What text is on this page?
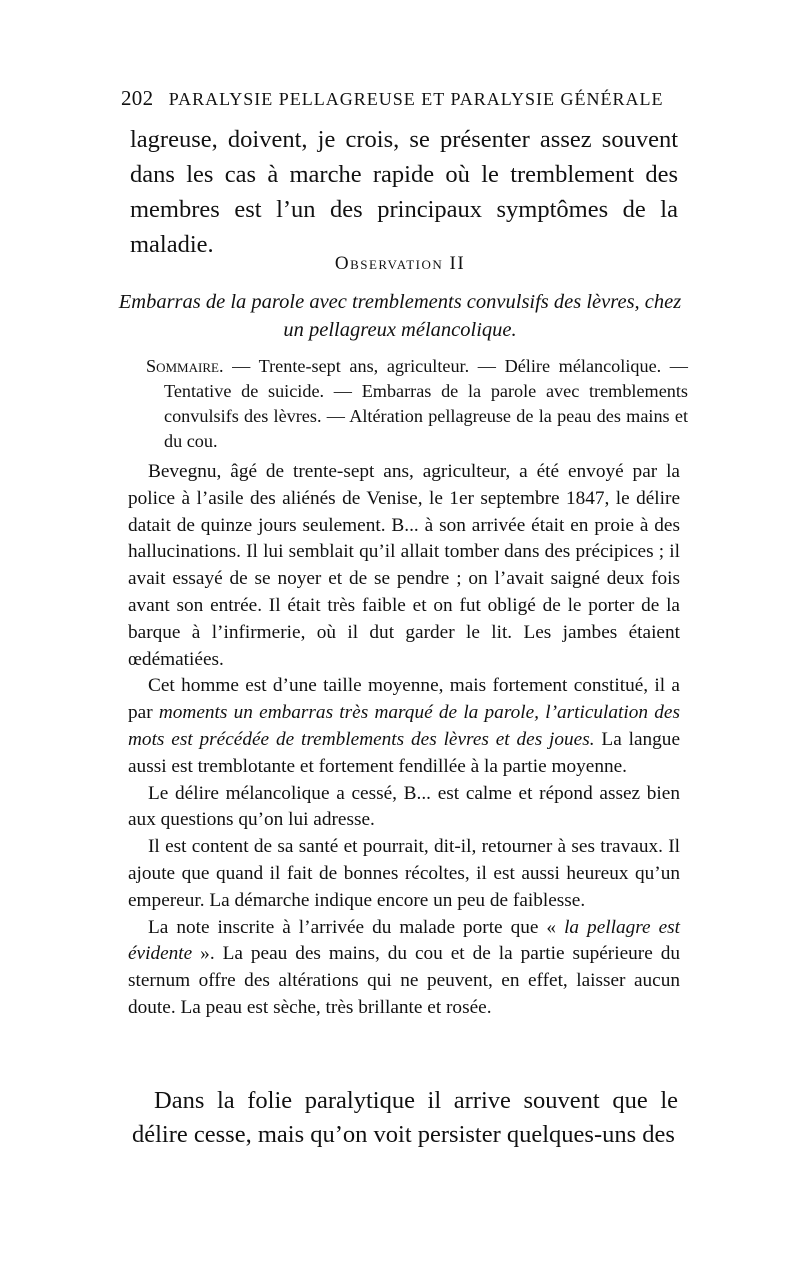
202 PARALYSIE PELLAGREUSE ET PARALYSIE GÉNÉRALE
lagreuse, doivent, je crois, se présenter assez souvent dans les cas à marche rapide où le tremblement des membres est l’un des principaux symptômes de la maladie.
Observation II
Embarras de la parole avec tremblements convulsifs des lèvres, chez un pellagreux mélancolique.
Sommaire. — Trente-sept ans, agriculteur. — Délire mélancolique. — Tentative de suicide. — Embarras de la parole avec tremblements convulsifs des lèvres. — Altération pellagreuse de la peau des mains et du cou.

Bevegnu, âgé de trente-sept ans, agriculteur, a été envoyé par la police à l’asile des aliénés de Venise, le 1er septembre 1847, le délire datait de quinze jours seulement. B... à son arrivée était en proie à des hallucinations. Il lui semblait qu’il allait tomber dans des précipices ; il avait essayé de se noyer et de se pendre ; on l’avait saigné deux fois avant son entrée. Il était très faible et on fut obligé de le porter de la barque à l’infirmerie, où il dut garder le lit. Les jambes étaient œdématiées.

Cet homme est d’une taille moyenne, mais fortement constitué, il a par moments un embarras très marqué de la parole, l’articulation des mots est précédée de tremblements des lèvres et des joues. La langue aussi est tremblotante et fortement fendillée à la partie moyenne.

Le délire mélancolique a cessé, B... est calme et répond assez bien aux questions qu’on lui adresse.

Il est content de sa santé et pourrait, dit-il, retourner à ses travaux. Il ajoute que quand il fait de bonnes récoltes, il est aussi heureux qu’un empereur. La démarche indique encore un peu de faiblesse.

La note inscrite à l’arrivée du malade porte que « la pellagre est évidente ». La peau des mains, du cou et de la partie supérieure du sternum offre des altérations qui ne peuvent, en effet, laisser aucun doute. La peau est sèche, très brillante et rosée.

Dans la folie paralytique il arrive souvent que le délire cesse, mais qu’on voit persister quelques-uns des
